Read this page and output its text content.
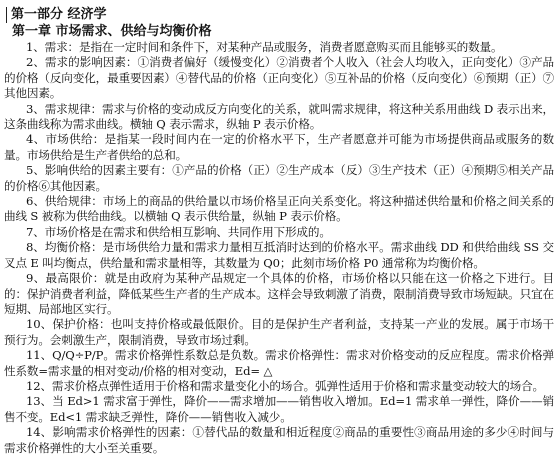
第一部分 经济学
第一章 市场需求、供给与均衡价格

1、需求：是指在一定时间和条件下，对某种产品或服务，消费者愿意购买而且能够买的数量。

2、需求的影响因素：①消费者偏好（缓慢变化）②消费者个人收入（社会人均收入，正向变化）③产品的价格（反向变化，最重要因素）④替代品的价格（正向变化）⑤互补品的价格（反向变化）⑥预期（正）⑦其他因素。

3、需求规律：需求与价格的变动成反方向变化的关系，就叫需求规律，将这种关系用曲线 D 表示出来，这条曲线称为需求曲线。横轴 Q 表示需求，纵轴 P 表示价格。

4、市场供给：是指某一段时间内在一定的价格水平下，生产者愿意并可能为市场提供商品或服务的数量。市场供给是生产者供给的总和。

5、影响供给的因素主要有：①产品的价格（正）②生产成本（反）③生产技术（正）④预期⑤相关产品的价格⑥其他因素。

6、供给规律：市场上的商品的供给量以市场价格呈正向关系变化。将这种描述供给量和价格之间关系的曲线 S 被称为供给曲线。以横轴 Q 表示供给量，纵轴 P 表示价格。

7、市场价格是在需求和供给相互影响、共同作用下形成的。

8、均衡价格：是市场供给力量和需求力量相互抵消时达到的价格水平。需求曲线 DD 和供给曲线 SS 交叉点 E 叫均衡点，供给量和需求量相等，其数量为 Q0；此刻市场价格 P0 通常称为均衡价格。

9、最高限价：就是由政府为某种产品规定一个具体的价格，市场价格以只能在这一价格之下进行。目的：保护消费者利益，降低某些生产者的生产成本。这样会导致刺激了消费，限制消费导致市场短缺。只宜在短期、局部地区实行。

10、保护价格：也叫支持价格或最低限价。目的是保护生产者利益，支持某一产业的发展。属于市场干预行为。会刺激生产，限制消费，导致市场过剩。

11、Q/Q÷P/P。需求价格弹性系数总是负数。需求价格弹性：需求对价格变动的反应程度。需求价格弹性系数=需求量的相对变动/价格的相对变动，Ed= △

12、需求价格点弹性适用于价格和需求量变化小的场合。弧弹性适用于价格和需求量变动较大的场合。

13、当 Ed>1 需求富于弹性，降价——需求增加——销售收入增加。Ed=1 需求单一弹性，降价——销售不变。Ed<1 需求缺乏弹性，降价——销售收入减少。

14、影响需求价格弹性的因素：①替代品的数量和相近程度②商品的重要性③商品用途的多少④时间与需求价格弹性的大小至关重要。
